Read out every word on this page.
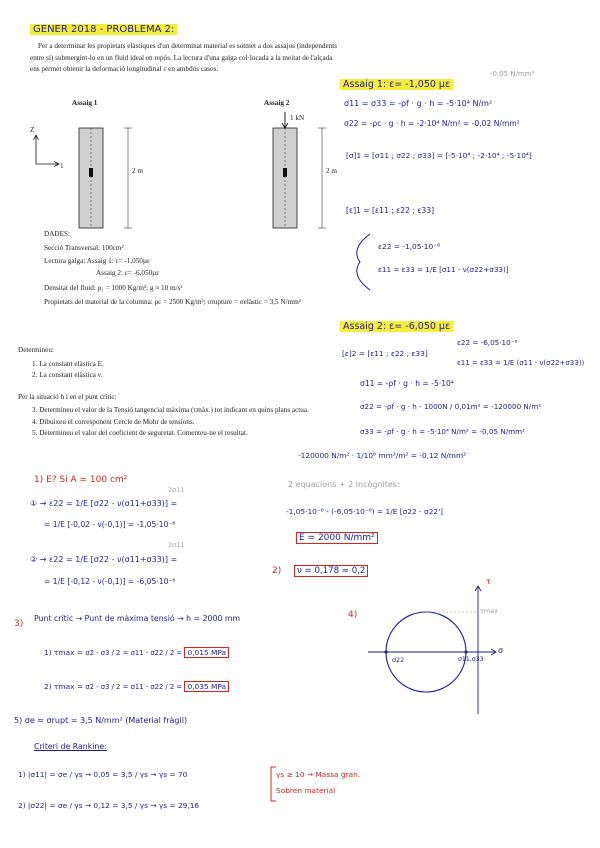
GENER 2018 - PROBLEMA 2:
Per a determinar les propietats elàstiques d'un determinat material es sotmet a dos assajos (independents
entre si) submergint-lo en un fluid ideal en repòs. La lectura d'una galga col·locada a la meitat de l'alçada
ens permet obtenir la deformació longitudinal ε en ambdós casos.
Assaig 1	Assaig 2
1 kN
Z
1
2 m	2 m
DADES:
Secció Transversal: 100cm²
Lectura galga: Assaig 1: ε= -1,050µε
Assaig 2: ε= -6,050µε
Densitat del fluid: ρ₁ = 1000 Kg/m³; g ≈ 10 m/s²
Propietats del material de la columna: ρc = 2500 Kg/m³; σrupture = σelàstic = 3,5 N/mm²
Determineu:
1. La constant elàstica E.
2. La constant elàstica ν.
Per la situació h i en el punt crític:
3. Determineu el valor de la Tensió tangencial màxima (τmàx.) tot indicant en quins plans actua.
4. Dibuixeu el corresponent Cercle de Mohr de tensions.
5. Determineu el valor del coeficient de seguretat. Comenteu-ne el resultat.
Assaig 1: ε= -1,050 µε
-0,05 N/mm²
σ11 = σ33 = -ρf · g · h = -5·10⁴ N/m²
σ22 = -ρc · g · h = -2·10⁴ N/m² = -0,02 N/mm²
[σ]1 = [σ11 ; σ22 ; σ33] = [-5·10⁴ ; -2·10⁴ ; -5·10⁴]
[ε]1 = [ε11 ; ε22 ; ε33]
ε22 = -1,05·10⁻⁶
ε11 = ε33 = 1/E [σ11 - ν(σ22+σ33)]
Assaig 2: ε= -6,050 µε
[ε]2 = [ε11 ; ε22 ; ε33]
ε22 = -6,05·10⁻⁶
ε11 = ε33 = 1/E (σ11 - ν(σ22+σ33))
σ11 = -ρf · g · h = -5·10⁴
σ22 = -ρf · g · h - 1000N / 0,01m² = -120000 N/m²
σ33 = -ρf · g · h = -5·10⁴ N/m² = -0,05 N/mm²
-120000 N/m² · 1/10⁶ mm²/m² = -0,12 N/mm²
1) E? Si A = 100 cm²	2 equacions + 2 incògnites:
2σ11
① → ε22 = 1/E [σ22 - ν(σ11+σ33)] =
= 1/E [-0,02 - ν(-0,1)] = -1,05·10⁻⁶
2σ11
② → ε22 = 1/E [σ22 - ν(σ11+σ33)] =
= 1/E [-0,12 - ν(-0,1)] = -6,05·10⁻⁶
-1,05·10⁻⁶ - (-6,05·10⁻⁶) = 1/E [σ22 - σ22']
E = 2000 N/mm²
2)	ν = 0,178 ≈ 0,2
3)
Punt crític → Punt de màxima tensió → h = 2000 mm
1) τmax = σ2 - σ3 / 2 = σ11 - σ22 / 2 = 0,015 MPa
2) τmax = σ2 - σ3 / 2 = σ11 - σ22 / 2 = 0,035 MPa
4)
τ
σ
τmax
σ22	σ11,σ33
5) σe ≈ σrupt = 3,5 N/mm² (Material fràgil)
Criteri de Rankine:
1) |σ11| = σe / γs → 0,05 = 3,5 / γs → γs = 70
2) |σ22| = σe / γs → 0,12 = 3,5 / γs → γs = 29,16
γs ≥ 10 → Massa gran.
Sobren material
